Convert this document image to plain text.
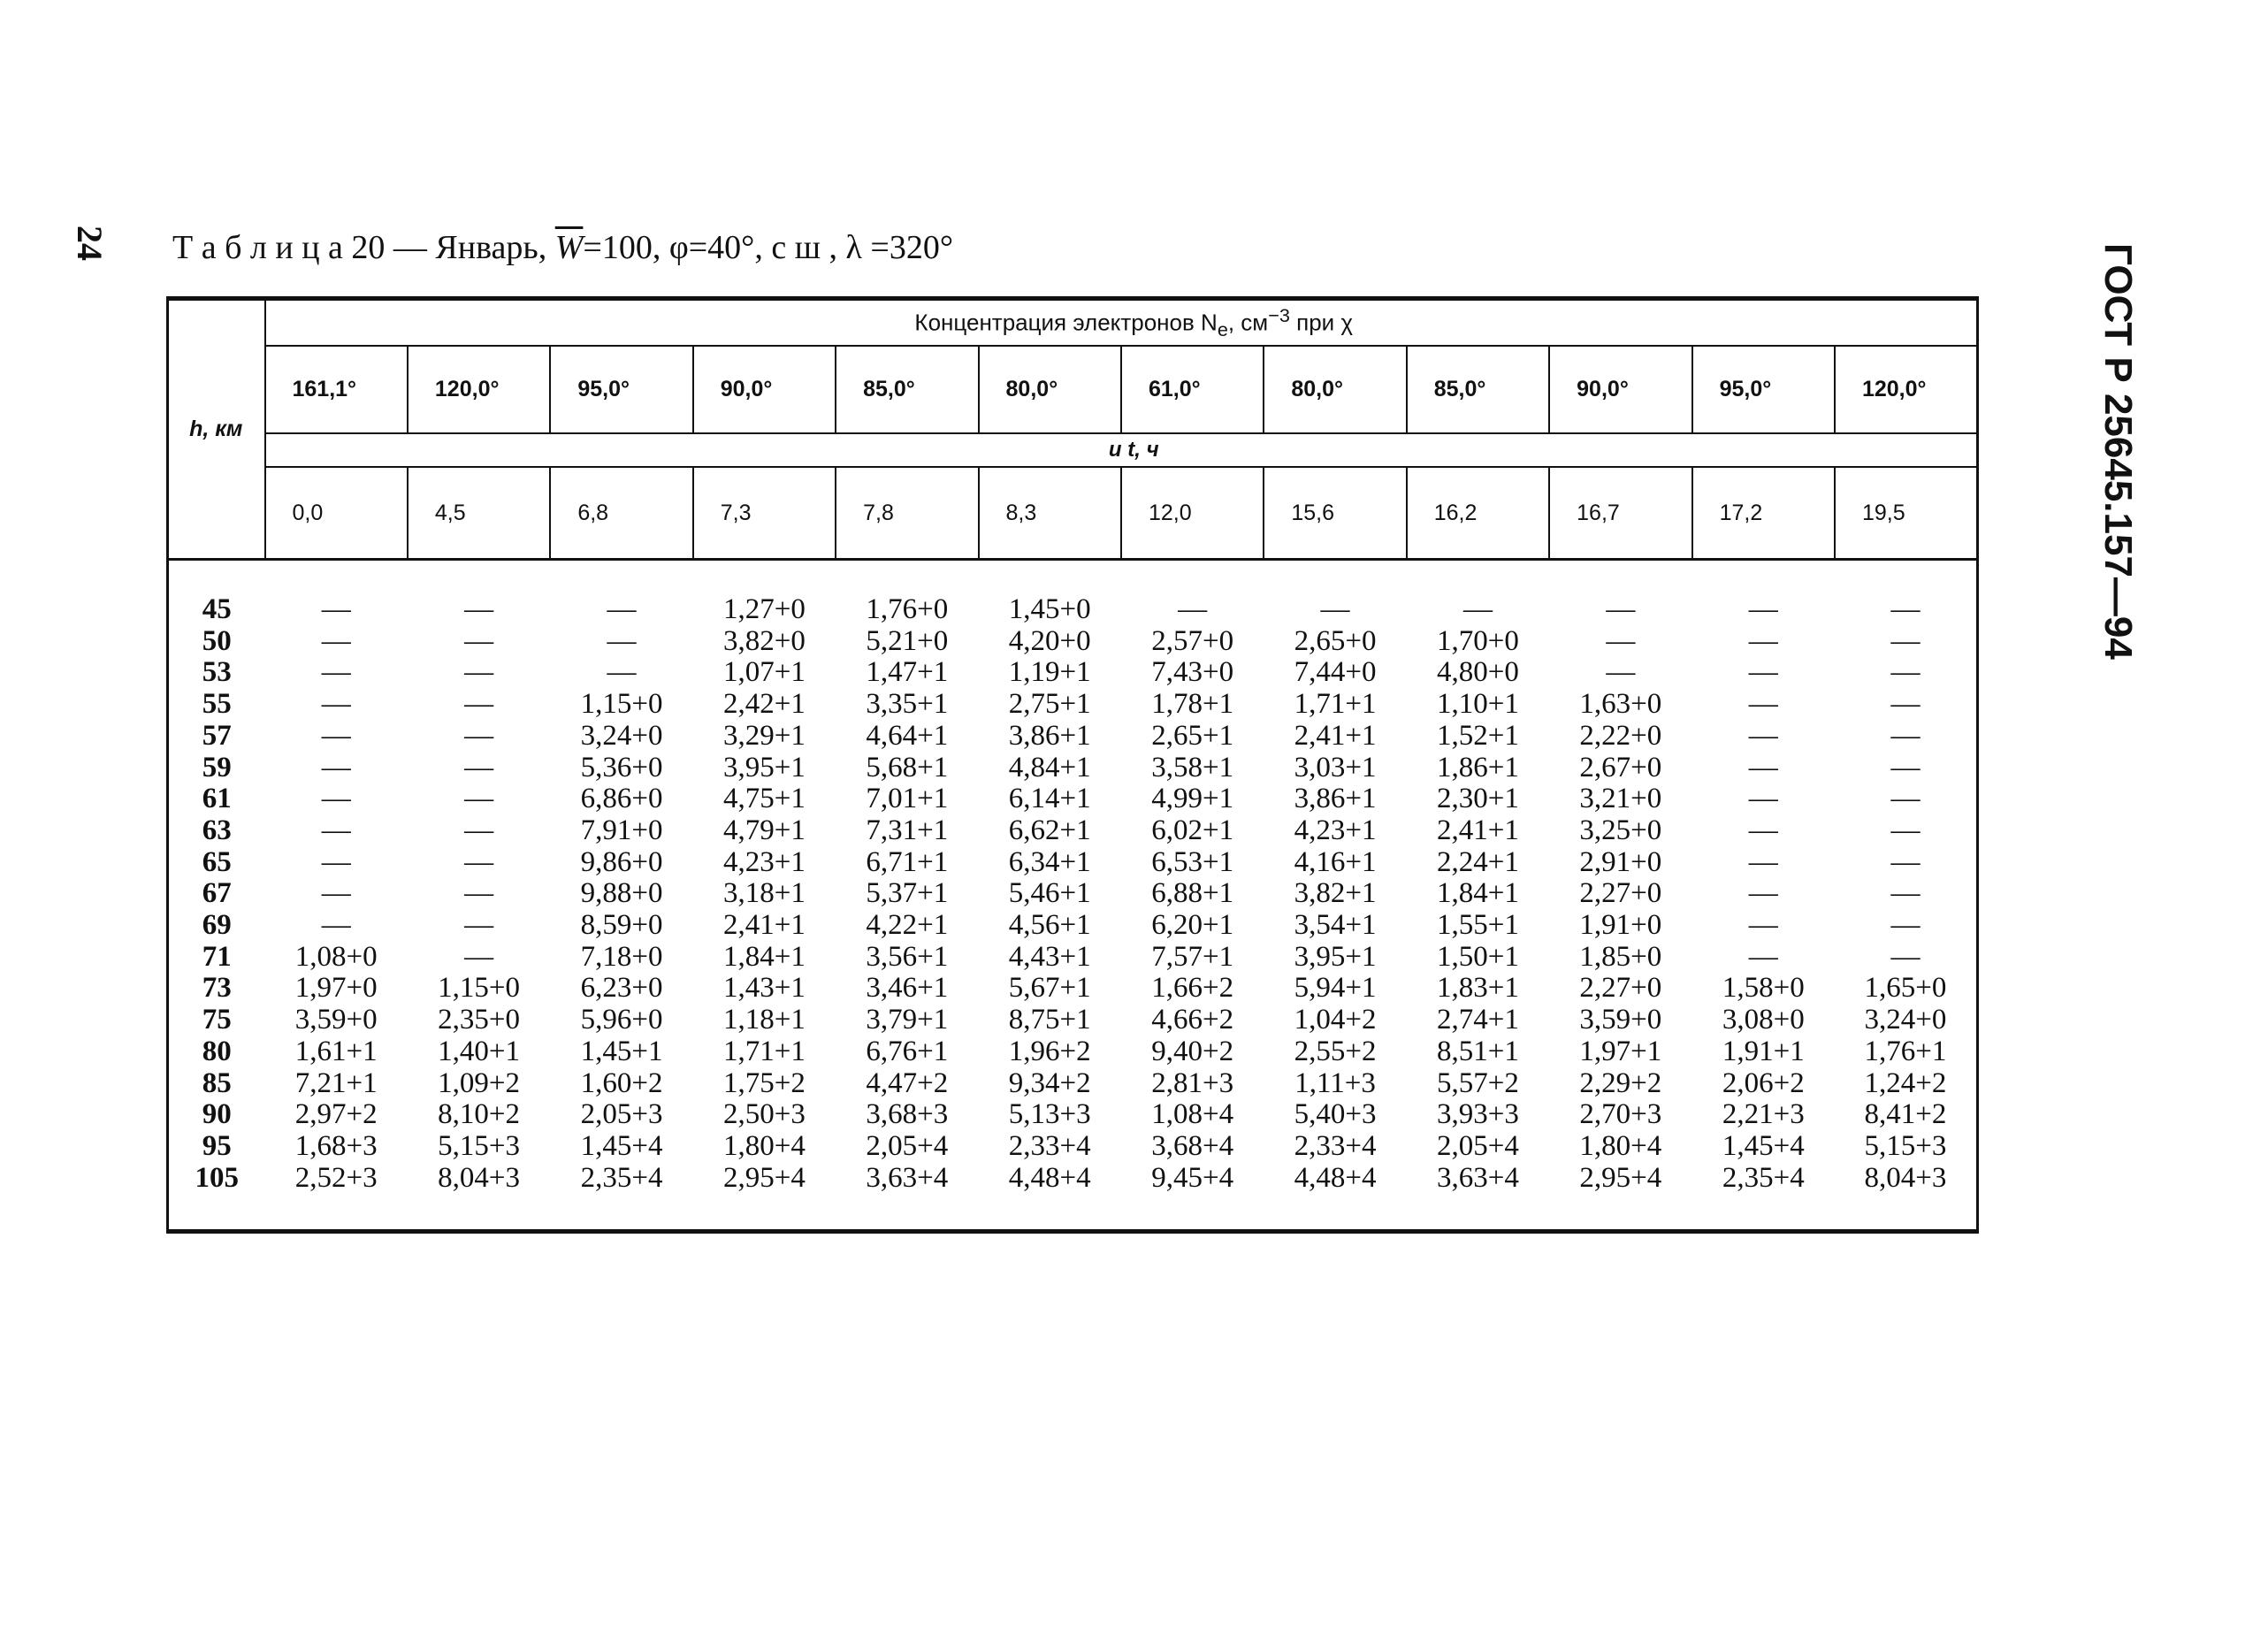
24 Т а б л и ц а 20 — Январь, $\overline{W}=100$, φ=40°, с ш , λ =320°	ГОСТ Р 25645.157—94
h, км	Концентрация электронов $N_e$, $см^{-3}$ при χ											
	161,1°	120,0°	95,0°	90,0°	85,0°	80,0°	61,0°	80,0°	85,0°	90,0°	95,0°	120,0°
	и t, ч											
	0,0	4,5	6,8	7,3	7,8	8,3	12,0	15,6	16,2	16,7	17,2	19,5

45	—	—	—	1,27+0	1,76+0	1,45+0	—	—	—	—	—	—
50	—	—	—	3,82+0	5,21+0	4,20+0	2,57+0	2,65+0	1,70+0	—	—	—
53	—	—	—	1,07+1	1,47+1	1,19+1	7,43+0	7,44+0	4,80+0	—	—	—
55	—	—	1,15+0	2,42+1	3,35+1	2,75+1	1,78+1	1,71+1	1,10+1	1,63+0	—	—
57	—	—	3,24+0	3,29+1	4,64+1	3,86+1	2,65+1	2,41+1	1,52+1	2,22+0	—	—
59	—	—	5,36+0	3,95+1	5,68+1	4,84+1	3,58+1	3,03+1	1,86+1	2,67+0	—	—
61	—	—	6,86+0	4,75+1	7,01+1	6,14+1	4,99+1	3,86+1	2,30+1	3,21+0	—	—
63	—	—	7,91+0	4,79+1	7,31+1	6,62+1	6,02+1	4,23+1	2,41+1	3,25+0	—	—
65	—	—	9,86+0	4,23+1	6,71+1	6,34+1	6,53+1	4,16+1	2,24+1	2,91+0	—	—
67	—	—	9,88+0	3,18+1	5,37+1	5,46+1	6,88+1	3,82+1	1,84+1	2,27+0	—	—
69	—	—	8,59+0	2,41+1	4,22+1	4,56+1	6,20+1	3,54+1	1,55+1	1,91+0	—	—
71	1,08+0	—	7,18+0	1,84+1	3,56+1	4,43+1	7,57+1	3,95+1	1,50+1	1,85+0	—	—
73	1,97+0	1,15+0	6,23+0	1,43+1	3,46+1	5,67+1	1,66+2	5,94+1	1,83+1	2,27+0	1,58+0	1,65+0
75	3,59+0	2,35+0	5,96+0	1,18+1	3,79+1	8,75+1	4,66+2	1,04+2	2,74+1	3,59+0	3,08+0	3,24+0
80	1,61+1	1,40+1	1,45+1	1,71+1	6,76+1	1,96+2	9,40+2	2,55+2	8,51+1	1,97+1	1,91+1	1,76+1
85	7,21+1	1,09+2	1,60+2	1,75+2	4,47+2	9,34+2	2,81+3	1,11+3	5,57+2	2,29+2	2,06+2	1,24+2
90	2,97+2	8,10+2	2,05+3	2,50+3	3,68+3	5,13+3	1,08+4	5,40+3	3,93+3	2,70+3	2,21+3	8,41+2
95	1,68+3	5,15+3	1,45+4	1,80+4	2,05+4	2,33+4	3,68+4	2,33+4	2,05+4	1,80+4	1,45+4	5,15+3
105	2,52+3	8,04+3	2,35+4	2,95+4	3,63+4	4,48+4	9,45+4	4,48+4	3,63+4	2,95+4	2,35+4	8,04+3
